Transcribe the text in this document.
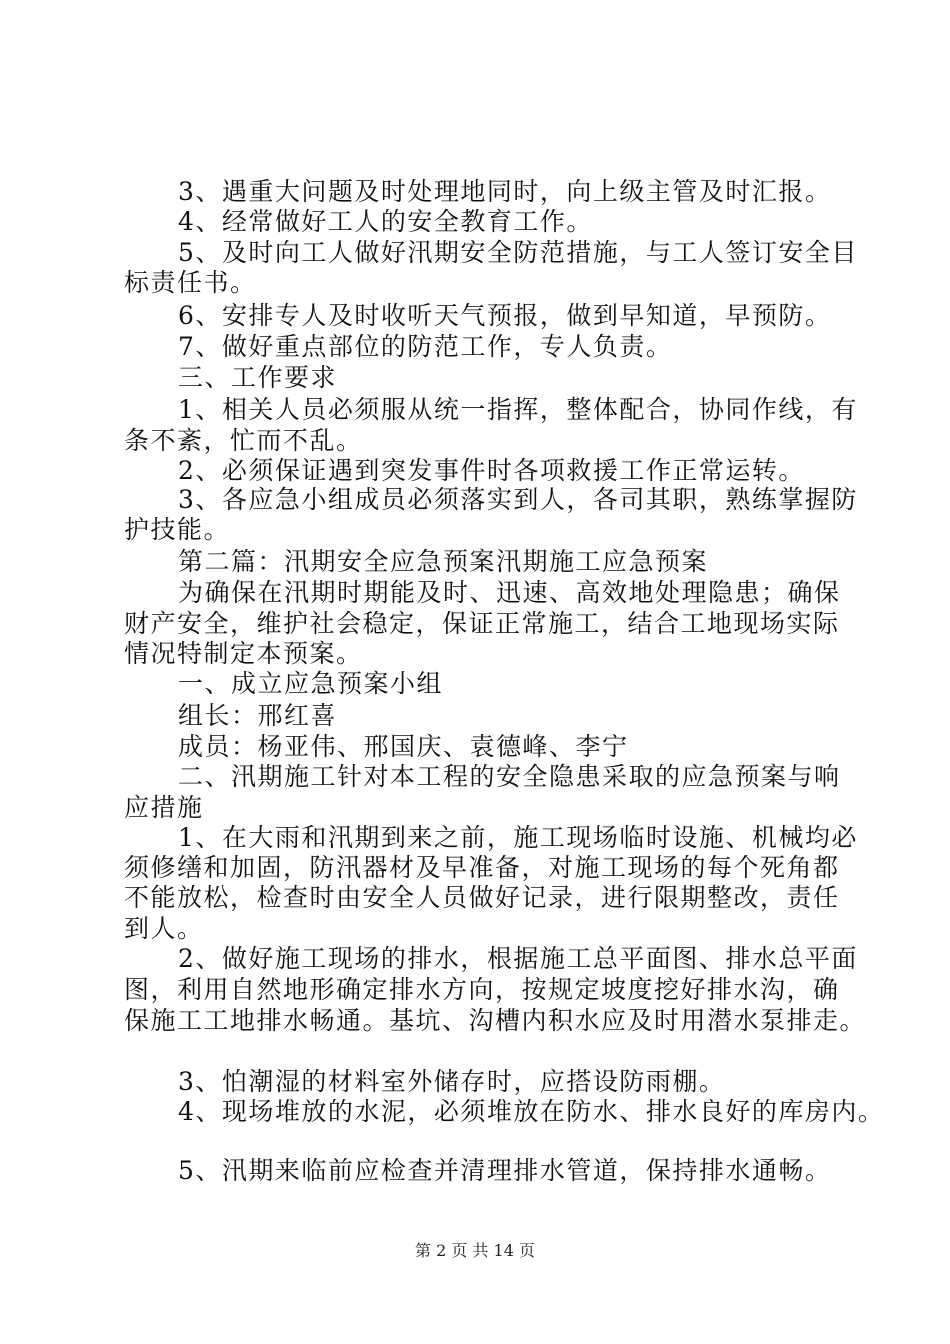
3、遇重大问题及时处理地同时，向上级主管及时汇报。
4、经常做好工人的安全教育工作。
5、及时向工人做好汛期安全防范措施，与工人签订安全目
标责任书。
6、安排专人及时收听天气预报，做到早知道，早预防。
7、做好重点部位的防范工作，专人负责。
三、工作要求
1、相关人员必须服从统一指挥，整体配合，协同作线，有
条不紊，忙而不乱。
2、必须保证遇到突发事件时各项救援工作正常运转。
3、各应急小组成员必须落实到人，各司其职，熟练掌握防
护技能。
第二篇：汛期安全应急预案汛期施工应急预案
为确保在汛期时期能及时、迅速、高效地处理隐患；确保
财产安全，维护社会稳定，保证正常施工，结合工地现场实际
情况特制定本预案。
一、成立应急预案小组
组长：邢红喜
成员：杨亚伟、邢国庆、袁德峰、李宁
二、汛期施工针对本工程的安全隐患采取的应急预案与响
应措施
1、在大雨和汛期到来之前，施工现场临时设施、机械均必
须修缮和加固，防汛器材及早准备，对施工现场的每个死角都
不能放松，检查时由安全人员做好记录，进行限期整改，责任
到人。
2、做好施工现场的排水，根据施工总平面图、排水总平面
图，利用自然地形确定排水方向，按规定坡度挖好排水沟，确
保施工工地排水畅通。基坑、沟槽内积水应及时用潜水泵排走。
3、怕潮湿的材料室外储存时，应搭设防雨棚。
4、现场堆放的水泥，必须堆放在防水、排水良好的库房内。
5、汛期来临前应检查并清理排水管道，保持排水通畅。
第 2 页 共 14 页
